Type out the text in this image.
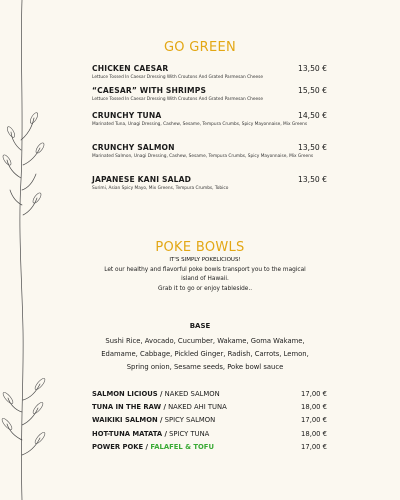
GO GREEN
CHICKEN CAESAR	13,50 €
Lettuce Tossed In Caesar Dressing With Croutons And Grated Parmesan Cheese
“CAESAR” WITH SHRIMPS	15,50 €
Lettuce Tossed In Caesar Dressing With Croutons And Grated Parmesan Cheese
CRUNCHY TUNA	14,50 €
Marinated Tuna, Unagi Dressing, Cashew, Sesame, Tempura Crumbs, Spicy Mayonnaise, Mix Greens
CRUNCHY SALMON	13,50 €
Marinated Salmon, Unagi Dressing, Cashew, Sesame, Tempura Crumbs, Spicy Mayonnaise, Mix Greens
JAPANESE KANI SALAD	13,50 €
Surimi, Asian Spicy Mayo, Mix Greens, Tempura Crumbs, Tobico
POKE BOWLS
IT'S SIMPLY POKELICIOUS!
Let our healthy and flavorful poke bowls transport you to the magical
island of Hawaii.
Grab it to go or enjoy tableside..
BASE
Sushi Rice, Avocado, Cucumber, Wakame, Goma Wakame,
Edamame, Cabbage, Pickled Ginger, Radish, Carrots, Lemon,
Spring onion, Sesame seeds, Poke bowl sauce
SALMON LICIOUS / NAKED SALMON	17,00 €
TUNA IN THE RAW / NAKED AHI TUNA	18,00 €
WAIKIKI SALMON / SPICY SALMON	17,00 €
HOT-TUNA MATATA / SPICY TUNA	18,00 €
POWER POKE / FALAFEL & TOFU	17,00 €
